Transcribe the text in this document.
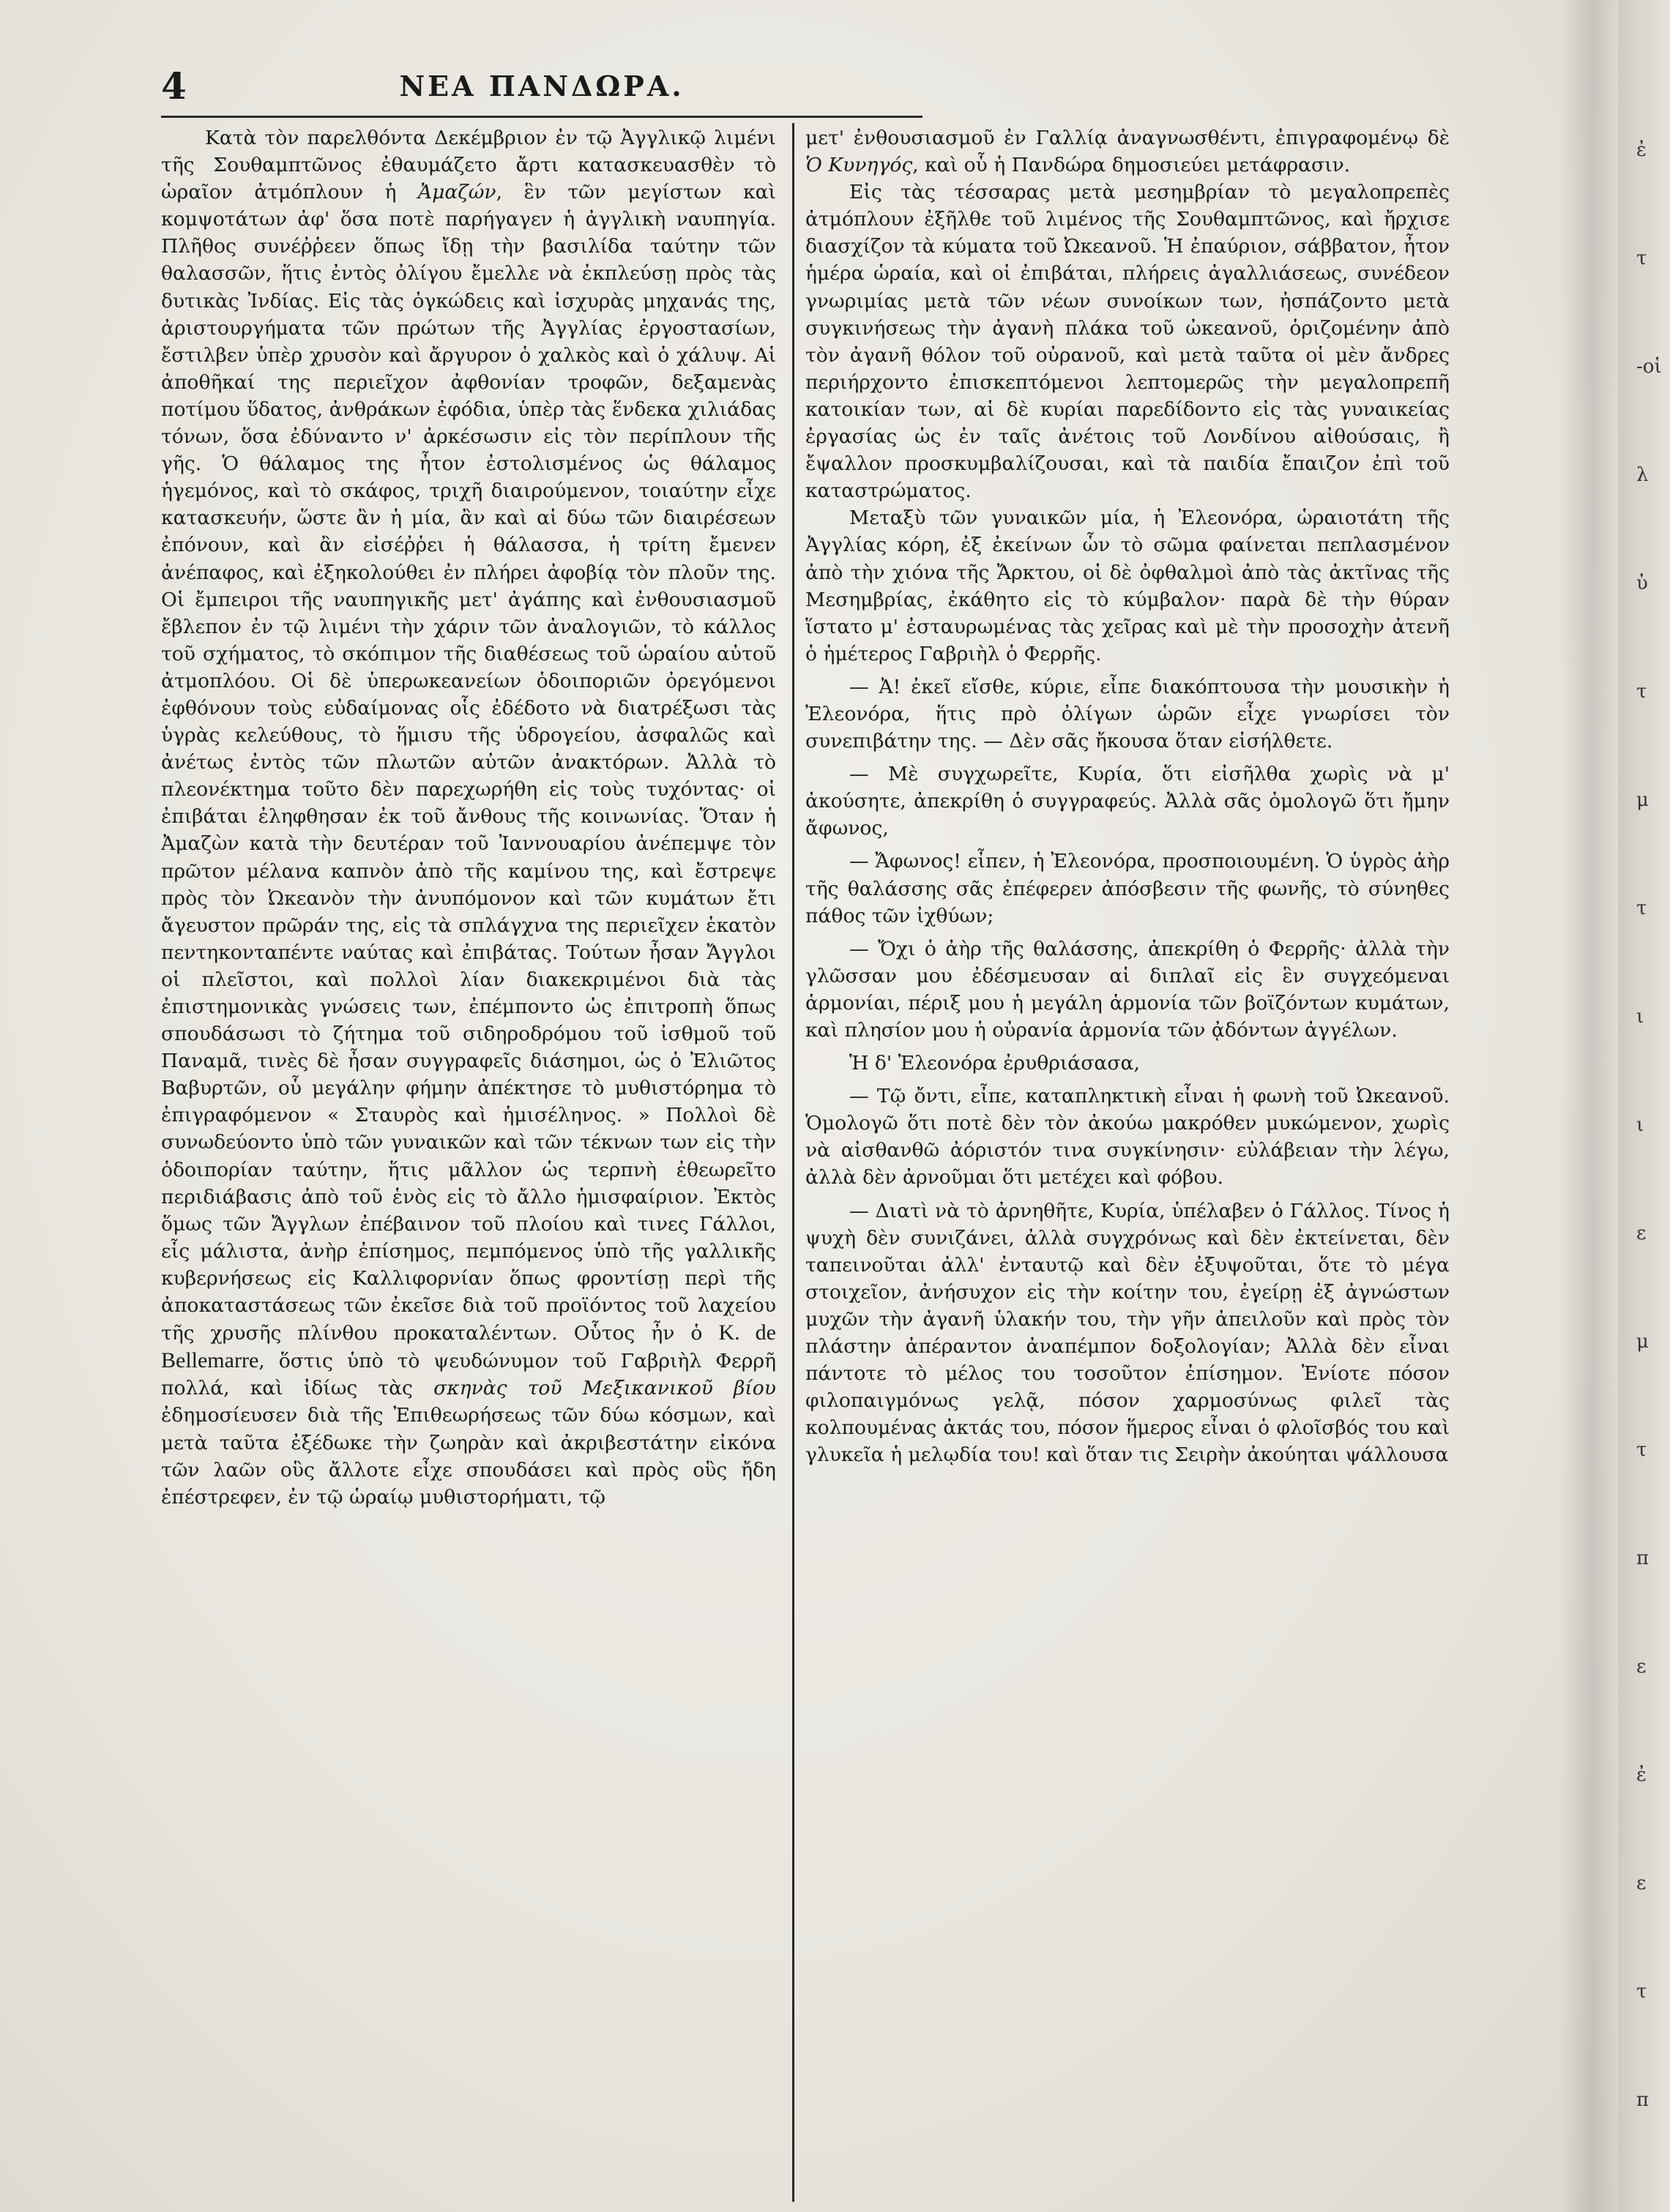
4	ΝΕΑ ΠΑΝΔΩΡΑ.

Κατὰ τὸν παρελθόντα Δεκέμβριον ἐν τῷ Ἀγγλικῷ λιμένι τῆς Σουθαμπτῶνος ἐθαυμάζετο ἄρτι κατασκευασθὲν τὸ ὡραῖον ἀτμόπλουν ἡ Ἀμαζών, ἓν τῶν μεγίστων καὶ κομψοτάτων ἀφ' ὅσα ποτὲ παρήγαγεν ἡ ἀγγλικὴ ναυπηγία. Πλῆθος συνέῤῥεεν ὅπως ἴδῃ τὴν βασιλίδα ταύτην τῶν θαλασσῶν, ἥτις ἐντὸς ὀλίγου ἔμελλε νὰ ἐκπλεύσῃ πρὸς τὰς δυτικὰς Ἰνδίας. Εἰς τὰς ὀγκώδεις καὶ ἰσχυρὰς μηχανάς της, ἀριστουργήματα τῶν πρώτων τῆς Ἀγγλίας ἐργοστασίων, ἔστιλβεν ὑπὲρ χρυσὸν καὶ ἄργυρον ὁ χαλκὸς καὶ ὁ χάλυψ. Αἱ ἀποθῆκαί της περιεῖχον ἀφθονίαν τροφῶν, δεξαμενὰς ποτίμου ὕδατος, ἀνθράκων ἐφόδια, ὑπὲρ τὰς ἕνδεκα χιλιάδας τόνων, ὅσα ἐδύναντο ν' ἀρκέσωσιν εἰς τὸν περίπλουν τῆς γῆς. Ὁ θάλαμος της ἦτον ἐστολισμένος ὡς θάλαμος ἡγεμόνος, καὶ τὸ σκάφος, τριχῆ διαιρούμενον, τοιαύτην εἶχε κατασκευήν, ὥστε ἂν ἡ μία, ἂν καὶ αἱ δύω τῶν διαιρέσεων ἐπόνουν, καὶ ἂν εἰσέῤῥει ἡ θάλασσα, ἡ τρίτη ἔμενεν ἀνέπαφος, καὶ ἐξηκολούθει ἐν πλήρει ἀφοβίᾳ τὸν πλοῦν της. Οἱ ἔμπειροι τῆς ναυπηγικῆς μετ' ἀγάπης καὶ ἐνθουσιασμοῦ ἔβλεπον ἐν τῷ λιμένι τὴν χάριν τῶν ἀναλογιῶν, τὸ κάλλος τοῦ σχήματος, τὸ σκόπιμον τῆς διαθέσεως τοῦ ὡραίου αὐτοῦ ἀτμοπλόου. Οἱ δὲ ὑπερωκεανείων ὁδοιποριῶν ὀρεγόμενοι ἐφθόνουν τοὺς εὐδαίμονας οἷς ἐδέδοτο νὰ διατρέξωσι τὰς ὑγρὰς κελεύθους, τὸ ἥμισυ τῆς ὑδρογείου, ἀσφαλῶς καὶ ἀνέτως ἐντὸς τῶν πλωτῶν αὐτῶν ἀνακτόρων. Ἀλλὰ τὸ πλεονέκτημα τοῦτο δὲν παρεχωρήθη εἰς τοὺς τυχόντας· οἱ ἐπιβάται ἐληφθησαν ἐκ τοῦ ἄνθους τῆς κοινωνίας. Ὅταν ἡ Ἀμαζὼν κατὰ τὴν δευτέραν τοῦ Ἰαννουαρίου ἀνέπεμψε τὸν πρῶτον μέλανα καπνὸν ἀπὸ τῆς καμίνου της, καὶ ἔστρεψε πρὸς τὸν Ὠκεανὸν τὴν ἀνυπόμονον καὶ τῶν κυμάτων ἔτι ἄγευστον πρῶράν της, εἰς τὰ σπλάγχνα της περιεῖχεν ἑκατὸν πεντηκονταπέντε ναύτας καὶ ἐπιβάτας. Τούτων ἦσαν Ἄγγλοι οἱ πλεῖστοι, καὶ πολλοὶ λίαν διακεκριμένοι διὰ τὰς ἐπιστημονικὰς γνώσεις των, ἐπέμποντο ὡς ἐπιτροπὴ ὅπως σπουδάσωσι τὸ ζήτημα τοῦ σιδηροδρόμου τοῦ ἰσθμοῦ τοῦ Παναμᾶ, τινὲς δὲ ἦσαν συγγραφεῖς διάσημοι, ὡς ὁ Ἐλιῶτος Βαβυρτῶν, οὗ μεγάλην φήμην ἀπέκτησε τὸ μυθιστόρημα τὸ ἐπιγραφόμενον « Σταυρὸς καὶ ἡμισέληνος. » Πολλοὶ δὲ συνωδεύοντο ὑπὸ τῶν γυναικῶν καὶ τῶν τέκνων των εἰς τὴν ὁδοιπορίαν ταύτην, ἥτις μᾶλλον ὡς τερπνὴ ἐθεωρεῖτο περιδιάβασις ἀπὸ τοῦ ἑνὸς εἰς τὸ ἄλλο ἡμισφαίριον. Ἐκτὸς ὅμως τῶν Ἄγγλων ἐπέβαινον τοῦ πλοίου καὶ τινες Γάλλοι, εἷς μάλιστα, ἀνὴρ ἐπίσημος, πεμπόμενος ὑπὸ τῆς γαλλικῆς κυβερνήσεως εἰς Καλλιφορνίαν ὅπως φροντίσῃ περὶ τῆς ἀποκαταστάσεως τῶν ἐκεῖσε διὰ τοῦ προϊόντος τοῦ λαχείου τῆς χρυσῆς πλίνθου προκαταλέντων. Οὗτος ἦν ὁ K. de Bellemarre, ὅστις ὑπὸ τὸ ψευδώνυμον τοῦ Γαβριὴλ Φερρῆ πολλά, καὶ ἰδίως τὰς σκηνὰς τοῦ Μεξικανικοῦ βίου ἐδημοσίευσεν διὰ τῆς Ἐπιθεωρήσεως τῶν δύω κόσμων, καὶ μετὰ ταῦτα ἐξέδωκε τὴν ζωηρὰν καὶ ἀκριβεστάτην εἰκόνα τῶν λαῶν οὓς ἄλλοτε εἶχε σπουδάσει καὶ πρὸς οὓς ἤδη ἐπέστρεφεν, ἐν τῷ ὡραίῳ μυθιστορήματι, τῷ

μετ' ἐνθουσιασμοῦ ἐν Γαλλίᾳ ἀναγνωσθέντι, ἐπιγραφομένῳ δὲ Ὁ Κυνηγός, καὶ οὗ ἡ Πανδώρα δημοσιεύει μετάφρασιν.

Εἰς τὰς τέσσαρας μετὰ μεσημβρίαν τὸ μεγαλοπρεπὲς ἀτμόπλουν ἐξῆλθε τοῦ λιμένος τῆς Σουθαμπτῶνος, καὶ ἤρχισε διασχίζον τὰ κύματα τοῦ Ὠκεανοῦ. Ἡ ἐπαύριον, σάββατον, ἦτον ἡμέρα ὡραία, καὶ οἱ ἐπιβάται, πλήρεις ἀγαλλιάσεως, συνέδεον γνωριμίας μετὰ τῶν νέων συνοίκων των, ἠσπάζοντο μετὰ συγκινήσεως τὴν ἀγανὴ πλάκα τοῦ ὠκεανοῦ, ὁριζομένην ἀπὸ τὸν ἀγανῆ θόλον τοῦ οὐρανοῦ, καὶ μετὰ ταῦτα οἱ μὲν ἄνδρες περιήρχοντο ἐπισκεπτόμενοι λεπτομερῶς τὴν μεγαλοπρεπῆ κατοικίαν των, αἱ δὲ κυρίαι παρεδίδοντο εἰς τὰς γυναικείας ἐργασίας ὡς ἐν ταῖς ἀνέτοις τοῦ Λονδίνου αἰθούσαις, ἢ ἔψαλλον προσκυμβαλίζουσαι, καὶ τὰ παιδία ἔπαιζον ἐπὶ τοῦ καταστρώματος.

Μεταξὺ τῶν γυναικῶν μία, ἡ Ἐλεονόρα, ὡραιοτάτη τῆς Ἀγγλίας κόρη, ἐξ ἐκείνων ὧν τὸ σῶμα φαίνεται πεπλασμένον ἀπὸ τὴν χιόνα τῆς Ἄρκτου, οἱ δὲ ὀφθαλμοὶ ἀπὸ τὰς ἀκτῖνας τῆς Μεσημβρίας, ἐκάθητο εἰς τὸ κύμβαλον· παρὰ δὲ τὴν θύραν ἵστατο μ' ἐσταυρωμένας τὰς χεῖρας καὶ μὲ τὴν προσοχὴν ἀτενῆ ὁ ἡμέτερος Γαβριὴλ ὁ Φερρῆς.

— Ἀ! ἐκεῖ εἴσθε, κύριε, εἶπε διακόπτουσα τὴν μουσικὴν ἡ Ἐλεονόρα, ἥτις πρὸ ὀλίγων ὡρῶν εἶχε γνωρίσει τὸν συνεπιβάτην της. — Δὲν σᾶς ἤκουσα ὅταν εἰσήλθετε.

— Μὲ συγχωρεῖτε, Κυρία, ὅτι εἰσῆλθα χωρὶς νὰ μ' ἀκούσητε, ἀπεκρίθη ὁ συγγραφεύς. Ἀλλὰ σᾶς ὁμολογῶ ὅτι ἤμην ἄφωνος,

— Ἄφωνος! εἶπεν, ἡ Ἐλεονόρα, προσποιουμένη. Ὁ ὑγρὸς ἀὴρ τῆς θαλάσσης σᾶς ἐπέφερεν ἀπόσβεσιν τῆς φωνῆς, τὸ σύνηθες πάθος τῶν ἰχθύων;

— Ὄχι ὁ ἀὴρ τῆς θαλάσσης, ἀπεκρίθη ὁ Φερρῆς· ἀλλὰ τὴν γλῶσσαν μου ἐδέσμευσαν αἱ διπλαῖ εἰς ἓν συγχεόμεναι ἁρμονίαι, πέριξ μου ἡ μεγάλη ἁρμονία τῶν βοϊζόντων κυμάτων, καὶ πλησίον μου ἡ οὐρανία ἁρμονία τῶν ᾀδόντων ἀγγέλων.

Ἡ δ' Ἐλεονόρα ἐρυθριάσασα,

— Τῷ ὄντι, εἶπε, καταπληκτικὴ εἶναι ἡ φωνὴ τοῦ Ὠκεανοῦ. Ὁμολογῶ ὅτι ποτὲ δὲν τὸν ἀκούω μακρόθεν μυκώμενον, χωρὶς νὰ αἰσθανθῶ ἀόριστόν τινα συγκίνησιν· εὐλάβειαν τὴν λέγω, ἀλλὰ δὲν ἀρνοῦμαι ὅτι μετέχει καὶ φόβου.

— Διατὶ νὰ τὸ ἀρνηθῆτε, Κυρία, ὑπέλαβεν ὁ Γάλλος. Τίνος ἡ ψυχὴ δὲν συνιζάνει, ἀλλὰ συγχρόνως καὶ δὲν ἐκτείνεται, δὲν ταπεινοῦται ἀλλ' ἐνταυτῷ καὶ δὲν ἐξυψοῦται, ὅτε τὸ μέγα στοιχεῖον, ἀνήσυχον εἰς τὴν κοίτην του, ἐγείρῃ ἐξ ἀγνώστων μυχῶν τὴν ἀγανῆ ὑλακήν του, τὴν γῆν ἀπειλοῦν καὶ πρὸς τὸν πλάστην ἀπέραντον ἀναπέμπον δοξολογίαν; Ἀλλὰ δὲν εἶναι πάντοτε τὸ μέλος του τοσοῦτον ἐπίσημον. Ἐνίοτε πόσον φιλοπαιγμόνως γελᾷ, πόσον χαρμοσύνως φιλεῖ τὰς κολπουμένας ἀκτάς του, πόσον ἥμερος εἶναι ὁ φλοῖσβός του καὶ γλυκεῖα ἡ μελῳδία του! καὶ ὅταν τις Σειρὴν ἀκούηται ψάλλουσα

ἐ
τ
-οἱ
λ
ὑ
τ
μ
τ
ι
ι
ε
μ
τ
π
ε
ἐ
ε
τ
π
